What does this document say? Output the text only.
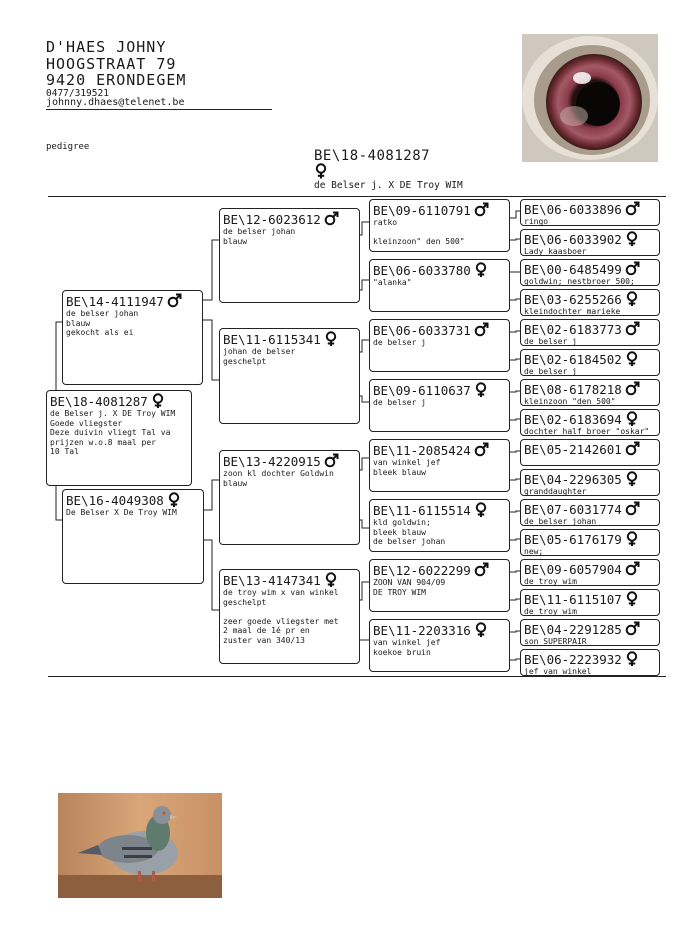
D'HAES JOHNY
HOOGSTRAAT 79
9420 ERONDEGEM
0477/319521
johnny.dhaes@telenet.be
pedigree
BE\18-4081287
de Belser j. X DE Troy WIM
BE\18-4081287
de Belser j. X DE Troy WIM
Goede vliegster
Deze duivin vliegt Tal va
prijzen w.o.8 maal per
10 Tal
BE\14-4111947
de belser johan
blauw
gekocht als ei
BE\16-4049308
De Belser X De Troy WIM
BE\12-6023612
de belser johan
blauw
BE\11-6115341
johan de belser
geschelpt
BE\13-4220915
zoon kl dochter Goldwin
blauw
BE\13-4147341
de troy wim x van winkel
geschelpt
zeer goede vliegster met
2 maal de 1é pr en
zuster van 340/13
BE\09-6110791
ratko
kleinzoon" den 500"
BE\06-6033780
"alanka"
BE\06-6033731
de belser j
BE\09-6110637
de belser j
BE\11-2085424
van winkel jef
bleek blauw
BE\11-6115514
kld goldwin;
bleek blauw
de belser johan
BE\12-6022299
ZOON VAN 904/09
DE TROY WIM
BE\11-2203316
van winkel jef
koekoe bruin
BE\06-6033896
ringo
BE\06-6033902
Lady kaasboer
BE\00-6485499
goldwin; nestbroer 500;
BE\03-6255266
kleindochter marieke
BE\02-6183773
de belser j
BE\02-6184502
de belser j
BE\08-6178218
kleinzoon "den 500"
BE\02-6183694
dochter half broer "oskar"
BE\05-2142601
BE\04-2296305
granddaughter
BE\07-6031774
de belser johan
BE\05-6176179
new;
BE\09-6057904
de troy wim
BE\11-6115107
de troy wim
BE\04-2291285
son SUPERPAIR
BE\06-2223932
jef van winkel
